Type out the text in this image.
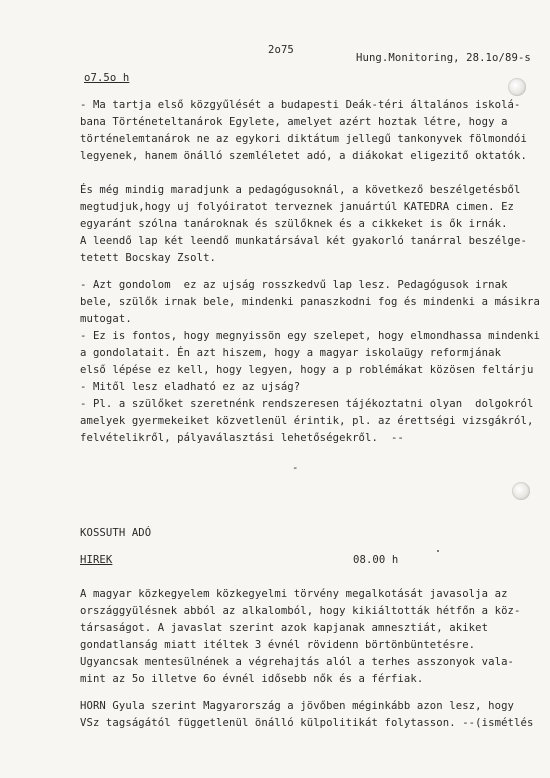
2o75
Hung.Monitoring, 28.1o/89-s
o7.5o h
- Ma tartja első közgyűlését a budapesti Deák-téri általános iskolá-
bana Történeteltanárok Egylete, amelyet azért hoztak létre, hogy a
történelemtanárok ne az egykori diktátum jellegű tankonyvek fölmondói
legyenek, hanem önálló szemléletet adó, a diákokat eligezitő oktatók.
És még mindig maradjunk a pedagógusoknál, a következő beszélgetésből
megtudjuk,hogy uj folyóiratot terveznek januártúl KATEDRA cimen. Ez
egyaránt szólna tanároknak és szülőknek és a cikkeket is ők irnák.
A leendő lap két leendő munkatársával két gyakorló tanárral beszélge-
tetett Bocskay Zsolt.
- Azt gondolom  ez az ujság rosszkedvű lap lesz. Pedagógusok irnak
bele, szülők irnak bele, mindenki panaszkodni fog és mindenki a másikra
mutogat.
- Ez is fontos, hogy megnyissön egy szelepet, hogy elmondhassa mindenki
a gondolatait. Én azt hiszem, hogy a magyar iskolaügy reformjának
első lépése ez kell, hogy legyen, hogy a p roblémákat közösen feltárju
- Mitől lesz eladható ez az ujság?
- Pl. a szülőket szeretnénk rendszeresen tájékoztatni olyan  dolgokról
amelyek gyermekeiket közvetlenül érintik, pl. az érettségi vizsgákról,
felvételikről, pályaválasztási lehetőségekről.  --
-
KOSSUTH ADÓ
HIREK	08.00 h
A magyar közkegyelem közkegyelmi törvény megalkotását javasolja az
országgyülésnek abból az alkalomból, hogy kikiáltották hétfőn a köz-
társaságot. A javaslat szerint azok kapjanak amnesztiát, akiket
gondatlanság miatt itéltek 3 évnél rövidenn börtönbüntetésre.
Ugyancsak mentesülnének a végrehajtás alól a terhes asszonyok vala-
mint az 5o illetve 6o évnél idősebb nők és a férfiak.
HORN Gyula szerint Magyarország a jövőben méginkább azon lesz, hogy
VSz tagságától függetlenül önálló külpolitikát folytasson. --(ismétlés
